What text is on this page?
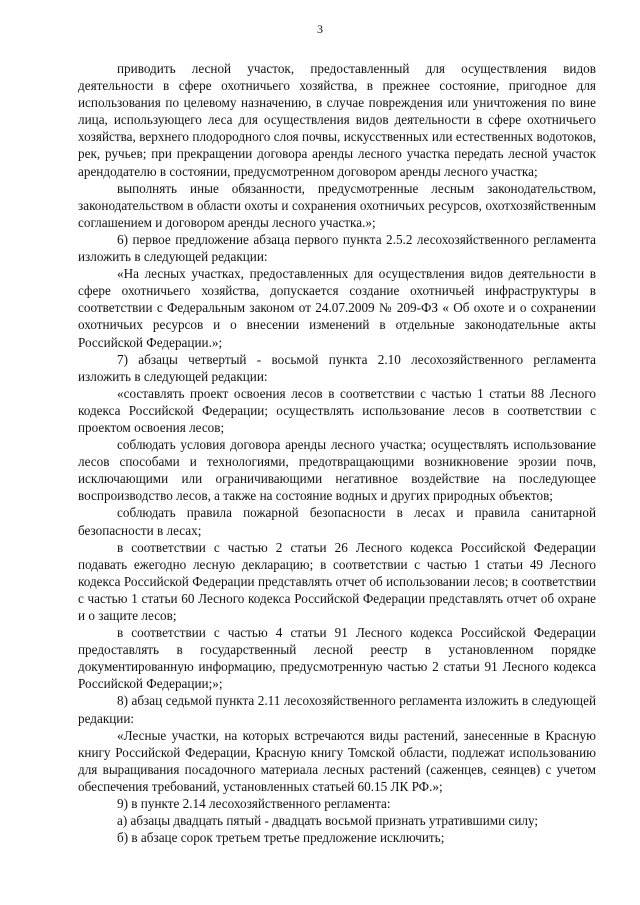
3

приводить лесной участок, предоставленный для осуществления видов деятельности в сфере охотничьего хозяйства, в прежнее состояние, пригодное для использования по целевому назначению, в случае повреждения или уничтожения по вине лица, использующего леса для осуществления видов деятельности в сфере охотничьего хозяйства, верхнего плодородного слоя почвы, искусственных или естественных водотоков, рек, ручьев; при прекращении договора аренды лесного участка передать лесной участок арендодателю в состоянии, предусмотренном договором аренды лесного участка;

выполнять иные обязанности, предусмотренные лесным законодательством, законодательством в области охоты и сохранения охотничьих ресурсов, охотхозяйственным соглашением и договором аренды лесного участка.»;

6) первое предложение абзаца первого пункта 2.5.2 лесохозяйственного регламента изложить в следующей редакции:

«На лесных участках, предоставленных для осуществления видов деятельности в сфере охотничьего хозяйства, допускается создание охотничьей инфраструктуры в соответствии с Федеральным законом от 24.07.2009 № 209-ФЗ « Об охоте и о сохранении охотничьих ресурсов и о внесении изменений в отдельные законодательные акты Российской Федерации.»;

7) абзацы четвертый - восьмой пункта 2.10 лесохозяйственного регламента изложить в следующей редакции:

«составлять проект освоения лесов в соответствии с частью 1 статьи 88 Лесного кодекса Российской Федерации; осуществлять использование лесов в соответствии с проектом освоения лесов;

соблюдать условия договора аренды лесного участка; осуществлять использование лесов способами и технологиями, предотвращающими возникновение эрозии почв, исключающими или ограничивающими негативное воздействие на последующее воспроизводство лесов, а также на состояние водных и других природных объектов;

соблюдать правила пожарной безопасности в лесах и правила санитарной безопасности в лесах;

в соответствии с частью 2 статьи 26 Лесного кодекса Российской Федерации подавать ежегодно лесную декларацию; в соответствии с частью 1 статьи 49 Лесного кодекса Российской Федерации представлять отчет об использовании лесов; в соответствии с частью 1 статьи 60 Лесного кодекса Российской Федерации представлять отчет об охране и о защите лесов;

в соответствии с частью 4 статьи 91 Лесного кодекса Российской Федерации предоставлять в государственный лесной реестр в установленном порядке документированную информацию, предусмотренную частью 2 статьи 91 Лесного кодекса Российской Федерации;»;

8) абзац седьмой пункта 2.11 лесохозяйственного регламента изложить в следующей редакции:

«Лесные участки, на которых встречаются виды растений, занесенные в Красную книгу Российской Федерации, Красную книгу Томской области, подлежат использованию для выращивания посадочного материала лесных растений (саженцев, сеянцев) с учетом обеспечения требований, установленных статьей 60.15 ЛК РФ.»;

9) в пункте 2.14 лесохозяйственного регламента:

а) абзацы двадцать пятый - двадцать восьмой признать утратившими силу;

б) в абзаце сорок третьем третье предложение исключить;
